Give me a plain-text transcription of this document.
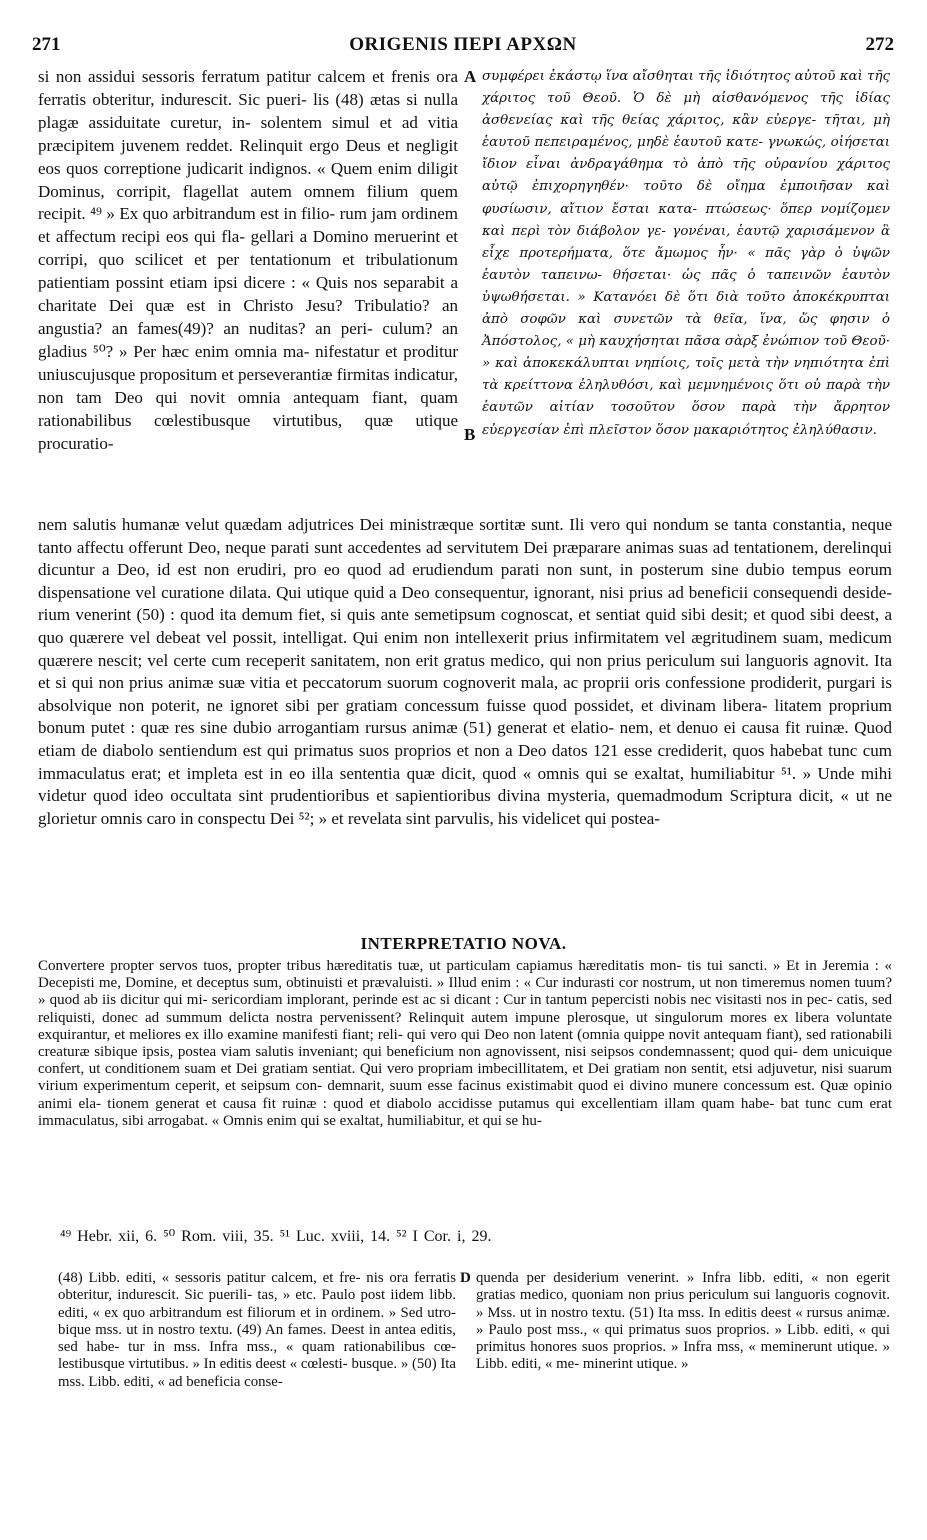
271	ORIGENIS ΠΕΡΙ ΑΡΧΩΝ	272

si non assidui sessoris ferratum patitur calcem et frenis ora ferratis obteritur, induresсit. Sic pueri- lis (48) ætas si nulla plagæ assiduitate curetur, in- solentem simul et ad vitia præcipitem juvenem reddet. Relinquit ergo Deus et negligit eos quos correptione judicarit indignos. « Quem enim diligit Dominus, corripit, flagellat autem omnem filium quem recipit. ⁴⁹ » Ex quo arbitrandum est in filio- rum jam ordinem et affectum recipi eos qui fla- gellari a Domino meruerint et corripi, quo scilicet et per tentationum et tribulationum patientiam possint etiam ipsi dicere : « Quis nos separabit a charitate Dei quæ est in Christo Jesu? Tribulatio? an angustia? an fames(49)? an nuditas? an peri- culum? an gladius ⁵⁰? » Per hæc enim omnia ma- nifestatur et proditur uniuscujusque propositum et perseverantiæ firmitas indicatur, non tam Deo qui novit omnia antequam fiant, quam rationabilibus cœlestibusque virtutibus, quæ utique procuratio-

A
B

συμφέρει ἑκάστῳ ἵνα αἴσθηται τῆς ἰδιότητος αὐτοῦ καὶ τῆς χάριτος τοῦ Θεοῦ. Ὁ δὲ μὴ αἰσθανόμενος τῆς ἰδίας ἀσθενείας καὶ τῆς θείας χάριτος, κἂν εὐεργε- τῆται, μὴ ἑαυτοῦ πεπειραμένος, μηδὲ ἑαυτοῦ κατε- γνωκώς, οἰήσεται ἴδιον εἶναι ἀνδραγάθημα τὸ ἀπὸ τῆς οὐρανίου χάριτος αὐτῷ ἐπιχορηγηθέν· τοῦτο δὲ οἴημα ἐμποιῆσαν καὶ φυσίωσιν, αἴτιον ἔσται κατα- πτώσεως· ὅπερ νομίζομεν καὶ περὶ τὸν διάβολον γε- γονέναι, ἑαυτῷ χαρισάμενον ἃ εἶχε προτερήματα, ὅτε ἄμωμος ἦν· « πᾶς γὰρ ὁ ὑψῶν ἑαυτὸν ταπεινω- θήσεται· ὡς πᾶς ὁ ταπεινῶν ἑαυτὸν ὑψωθήσεται. » Κατανόει δὲ ὅτι διὰ τοῦτο ἀποκέκρυπται ἀπὸ σοφῶν καὶ συνετῶν τὰ θεῖα, ἵνα, ὥς φησιν ὁ Ἀπόστολος, « μὴ καυχήσηται πᾶσα σὰρξ ἐνώπιον τοῦ Θεοῦ· » καὶ ἀποκεκάλυπται νηπίοις, τοῖς μετὰ τὴν νηπιότητα ἐπὶ τὰ κρείττονα ἐληλυθόσι, καὶ μεμνημένοις ὅτι οὐ παρὰ τὴν ἑαυτῶν αἰτίαν τοσοῦτον ὅσον παρὰ τὴν ἄρρητον εὐεργεσίαν ἐπὶ πλεῖστον ὅσον μακαριότητος ἐληλύθασιν.

nem salutis humanæ velut quædam adjutrices Dei ministræque sortitæ sunt. Ili vero qui nondum se tanta constantia, neque tanto affectu offerunt Deo, neque parati sunt accedentes ad servitutem Dei præparare animas suas ad tentationem, derelinqui dicuntur a Deo, id est non erudiri, pro eo quod ad erudiendum parati non sunt, in posterum sine dubio tempus eorum dispensatione vel curatione dilata. Qui utique quid a Deo consequentur, ignorant, nisi prius ad beneficii consequendi deside- rium venerint (50) : quod ita demum fiet, si quis ante semetipsum cognoscat, et sentiat quid sibi desit; et quod sibi deest, a quo quærere vel debeat vel possit, intelligat. Qui enim non intellexerit prius infirmitatem vel ægritudinem suam, medicum quærere nescit; vel certe cum receperit sanitatem, non erit gratus medico, qui non prius periculum sui languoris agnovit. Ita et si qui non prius animæ suæ vitia et peccatorum suorum cognoverit mala, ac proprii oris confessione prodiderit, purgari is absolvique non poterit, ne ignoret sibi per gratiam concessum fuisse quod possidet, et divinam libera- litatem proprium bonum putet : quæ res sine dubio arrogantiam rursus animæ (51) generat et elatio- nem, et denuo ei causa fit ruinæ. Quod etiam de diabolo sentiendum est qui primatus suos proprios et non a Deo datos 121 esse crediderit, quos habebat tunc cum immaculatus erat; et impleta est in eo illa sententia quæ dicit, quod « omnis qui se exaltat, humiliabitur ⁵¹. » Unde mihi videtur quod ideo occultata sint prudentioribus et sapientioribus divina mysteria, quemadmodum Scriptura dicit, « ut ne glorietur omnis caro in conspectu Dei ⁵²; » et revelata sint parvulis, his videlicet qui postea-

INTERPRETATIO NOVA.

Convertere propter servos tuos, propter tribus hæreditatis tuæ, ut particulam capiamus hæreditatis mon- tis tui sancti. » Et in Jeremia : « Decepisti me, Domine, et deceptus sum, obtinuisti et prævaluisti. » Illud enim : « Cur indurasti cor nostrum, ut non timeremus nomen tuum? » quod ab iis dicitur qui mi- sericordiam implorant, perinde est ac si dicant : Cur in tantum pepercisti nobis nec visitasti nos in pec- catis, sed reliquisti, donec ad summum delicta nostra pervenissent? Relinquit autem impune plerosque, ut singulorum mores ex libera voluntate exquirantur, et meliores ex illo examine manifesti fiant; reli- qui vero qui Deo non latent (omnia quippe novit antequam fiant), sed rationabili creaturæ sibique ipsis, postea viam salutis inveniant; qui beneficium non agnovissent, nisi seipsos condemnassent; quod qui- dem unicuique confert, ut conditionem suam et Dei gratiam sentiat. Qui vero propriam imbecillitatem, et Dei gratiam non sentit, etsi adjuvetur, nisi suarum virium experimentum ceperit, et seipsum con- demnarit, suum esse facinus existimabit quod ei divino munere concessum est. Quæ opinio animi ela- tionem generat et causa fit ruinæ : quod et diabolo accidisse putamus qui excellentiam illam quam habe- bat tunc cum erat immaculatus, sibi arrogabat. « Omnis enim qui se exaltat, humiliabitur, et qui se hu-

⁴⁹ Hebr. xii, 6. ⁵⁰ Rom. viii, 35. ⁵¹ Luc. xviii, 14. ⁵² I Cor. i, 29.

(48) Libb. editi, « sessoris patitur calcem, et fre- nis ora ferratis obteritur, induresсit. Sic puerili- tas, » etc. Paulo post iidem libb. editi, « ex quo arbitrandum est filiorum et in ordinem. » Sed utro- bique mss. ut in nostro textu. (49) An fames. Deest in antea editis, sed habe- tur in mss. Infra mss., « quam rationabilibus cœ- lestibusque virtutibus. » In editis deest « cœlesti- busque. » (50) Ita mss. Libb. editi, « ad beneficia conse-

D quenda per desiderium venerint. » Infra libb. editi, « non egerit gratias medico, quoniam non prius periculum sui languoris cognovit. » Mss. ut in nostro textu. (51) Ita mss. In editis deest « rursus animæ. » Paulo post mss., « qui primatus suos proprios. » Libb. editi, « qui primitus honores suos proprios. » Infra mss, « meminerunt utique. » Libb. editi, « me- minerint utique. »
